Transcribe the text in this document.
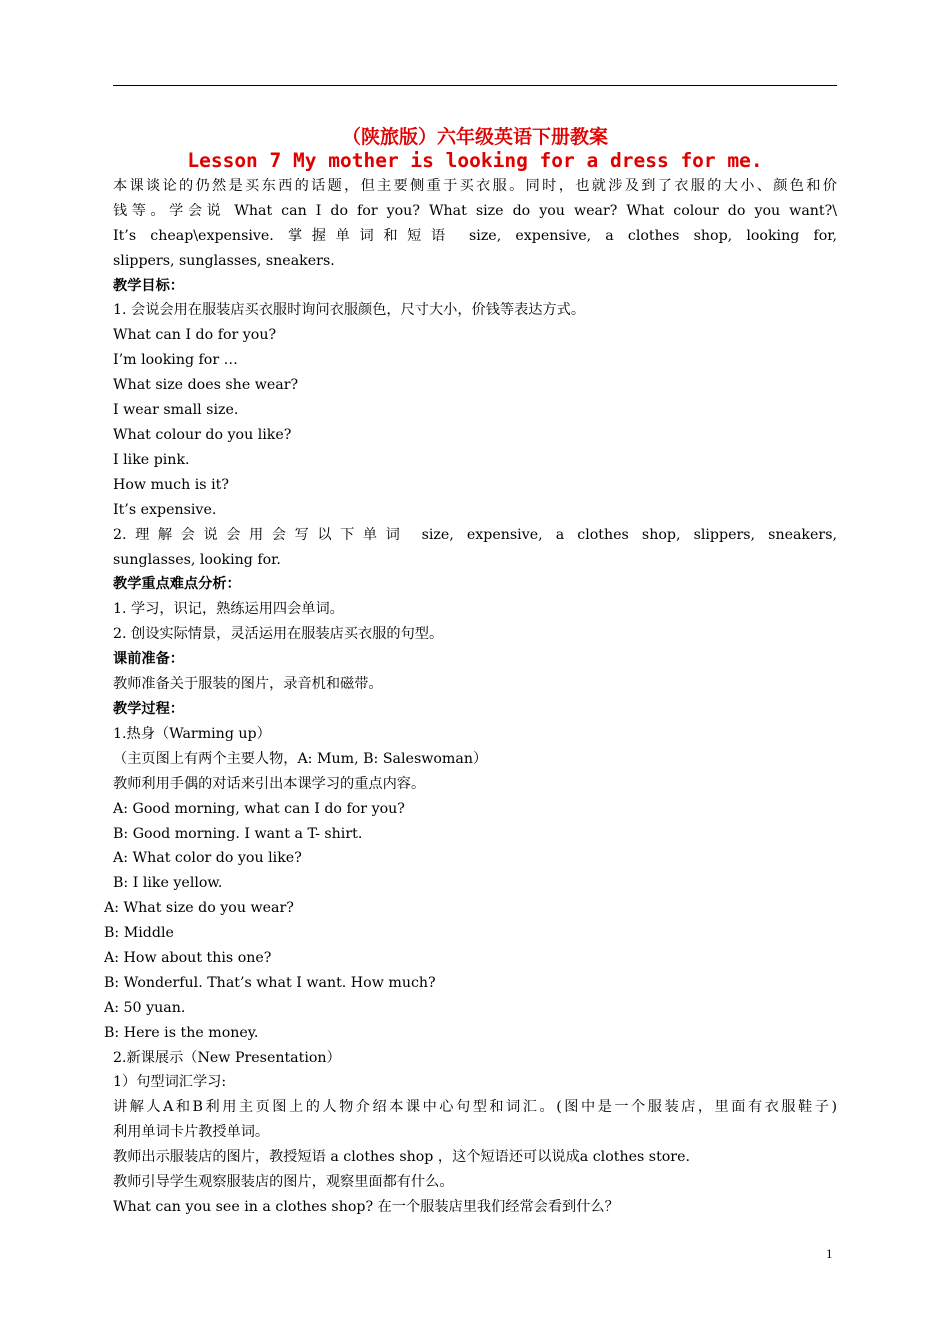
（陕旅版）六年级英语下册教案
Lesson 7 My mother is looking for a dress for me.
本课谈论的仍然是买东西的话题，但主要侧重于买衣服。同时，也就涉及到了衣服的大小、颜色和价
钱等。学会说 What can I do for you? What size do you wear? What colour do you want?\
It’s cheap\expensive. 掌握单词和短语 size, expensive, a clothes shop, looking for,
slippers, sunglasses, sneakers.
教学目标：
1. 会说会用在服装店买衣服时询问衣服颜色，尺寸大小，价钱等表达方式。
What can I do for you?
I’m looking for …
What size does she wear?
I wear small size.
What colour do you like?
I like pink.
How much is it?
It’s expensive.
2.理解会说会用会写以下单词 size, expensive, a clothes shop, slippers, sneakers,
sunglasses, looking for.
教学重点难点分析：
1. 学习，识记，熟练运用四会单词。
2. 创设实际情景，灵活运用在服装店买衣服的句型。
课前准备：
教师准备关于服装的图片，录音机和磁带。
教学过程：
1.热身（Warming up）
（主页图上有两个主要人物，A: Mum, B: Saleswoman）
教师利用手偶的对话来引出本课学习的重点内容。
A: Good morning, what can I do for you?
B: Good morning. I want a T- shirt.
A: What color do you like?
B: I like yellow.
A: What size do you wear?
B: Middle
A: How about this one?
B: Wonderful. That’s what I want. How much?
A: 50 yuan.
B: Here is the money.
2.新课展示（New Presentation）
1）句型词汇学习:
讲解人A和B利用主页图上的人物介绍本课中心句型和词汇。(图中是一个服装店，里面有衣服鞋子)
利用单词卡片教授单词。
教师出示服装店的图片，教授短语 a clothes shop ，这个短语还可以说成a clothes store.
教师引导学生观察服装店的图片，观察里面都有什么。
What can you see in a clothes shop? 在一个服装店里我们经常会看到什么？
1
